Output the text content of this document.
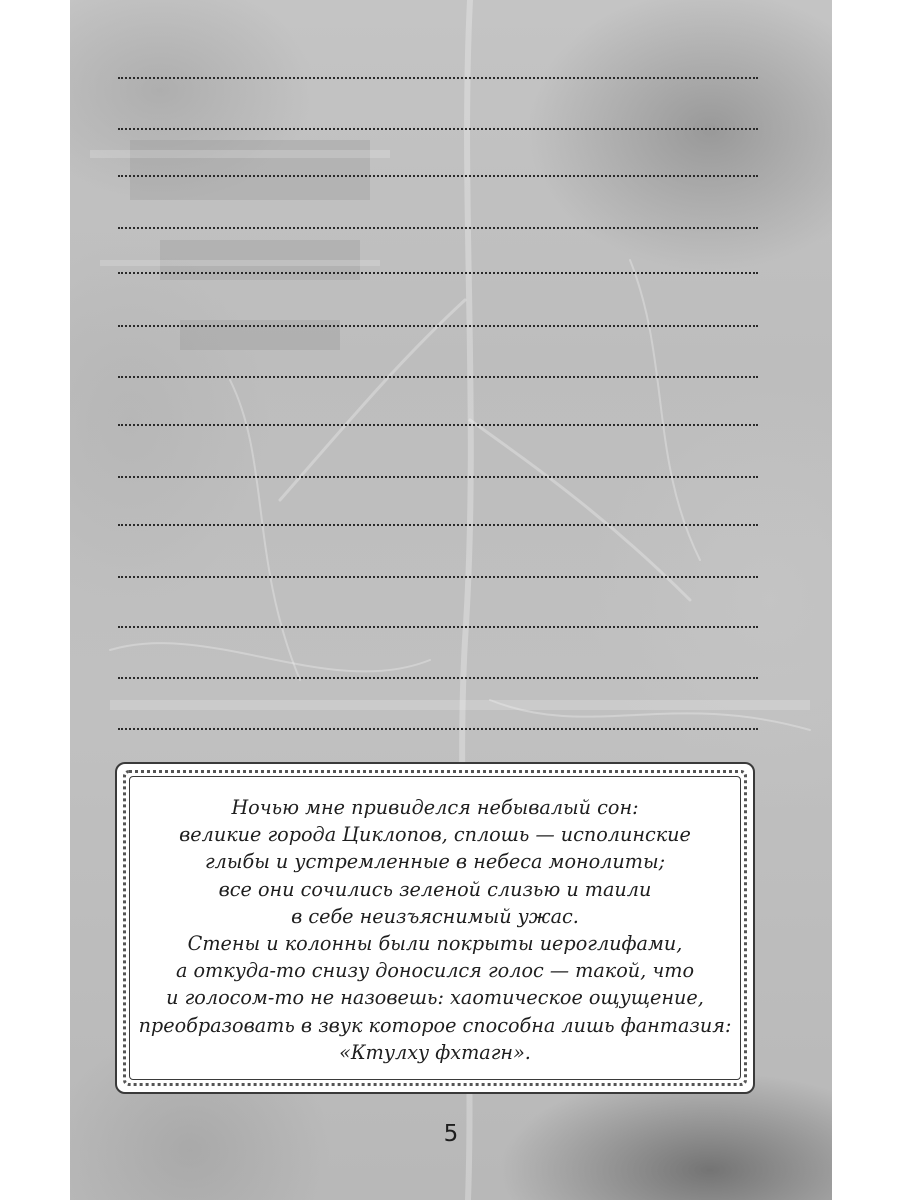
Ночью мне привиделся небывалый сон:
великие города Циклопов, сплошь — исполинские
глыбы и устремленные в небеса монолиты;
все они сочились зеленой слизью и таили
в себе неизъяснимый ужас.
Стены и колонны были покрыты иероглифами,
а откуда-то снизу доносился голос — такой, что
и голосом-то не назовешь: хаотическое ощущение,
преобразовать в звук которое способна лишь фантазия:
«Ктулху фхтагн».

5
